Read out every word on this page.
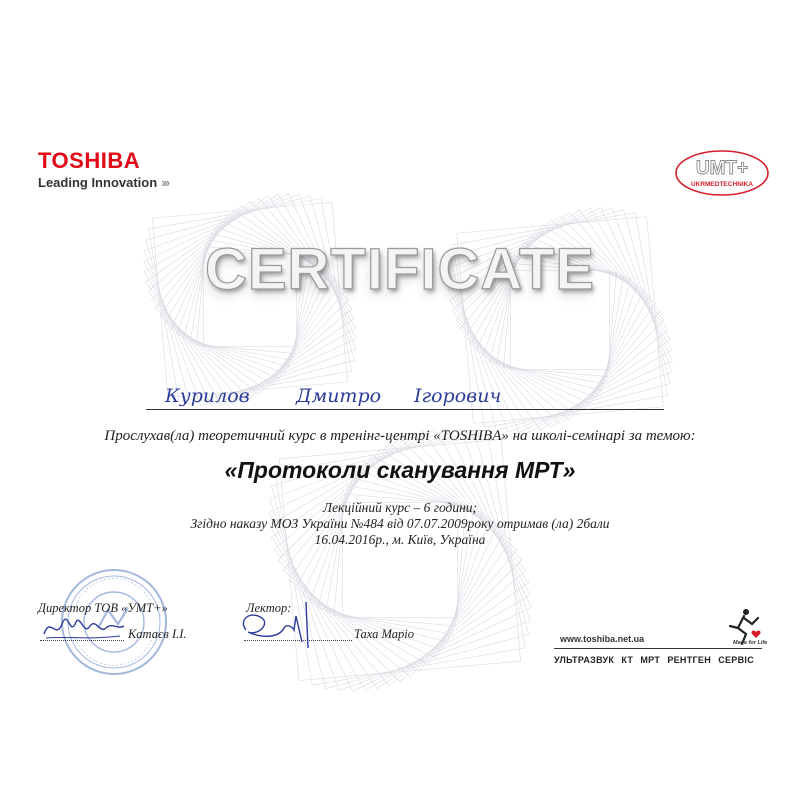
TOSHIBA
Leading Innovation ›››
UMT+
UKRMEDTECHNIKA
CERTIFICATE
Курилов Дмитро Ігорович
Прослухав(ла) теоретичний курс в тренінг-центрі «TOSHIBA» на школі-семінарі за темою:
«Протоколи сканування МРТ»
Лекційний курс – 6 години;
Згідно наказу МОЗ України №484 від 07.07.2009року отримав (ла) 2бали
16.04.2016р., м. Київ, Україна
Директор ТОВ «УМТ+»
Катаєв І.І.
Лектор:
Таха Маріо	www.toshiba.net.ua
УЛЬТРАЗВУК КТ МРТ РЕНТГЕН СЕРВІС
Made for Life
